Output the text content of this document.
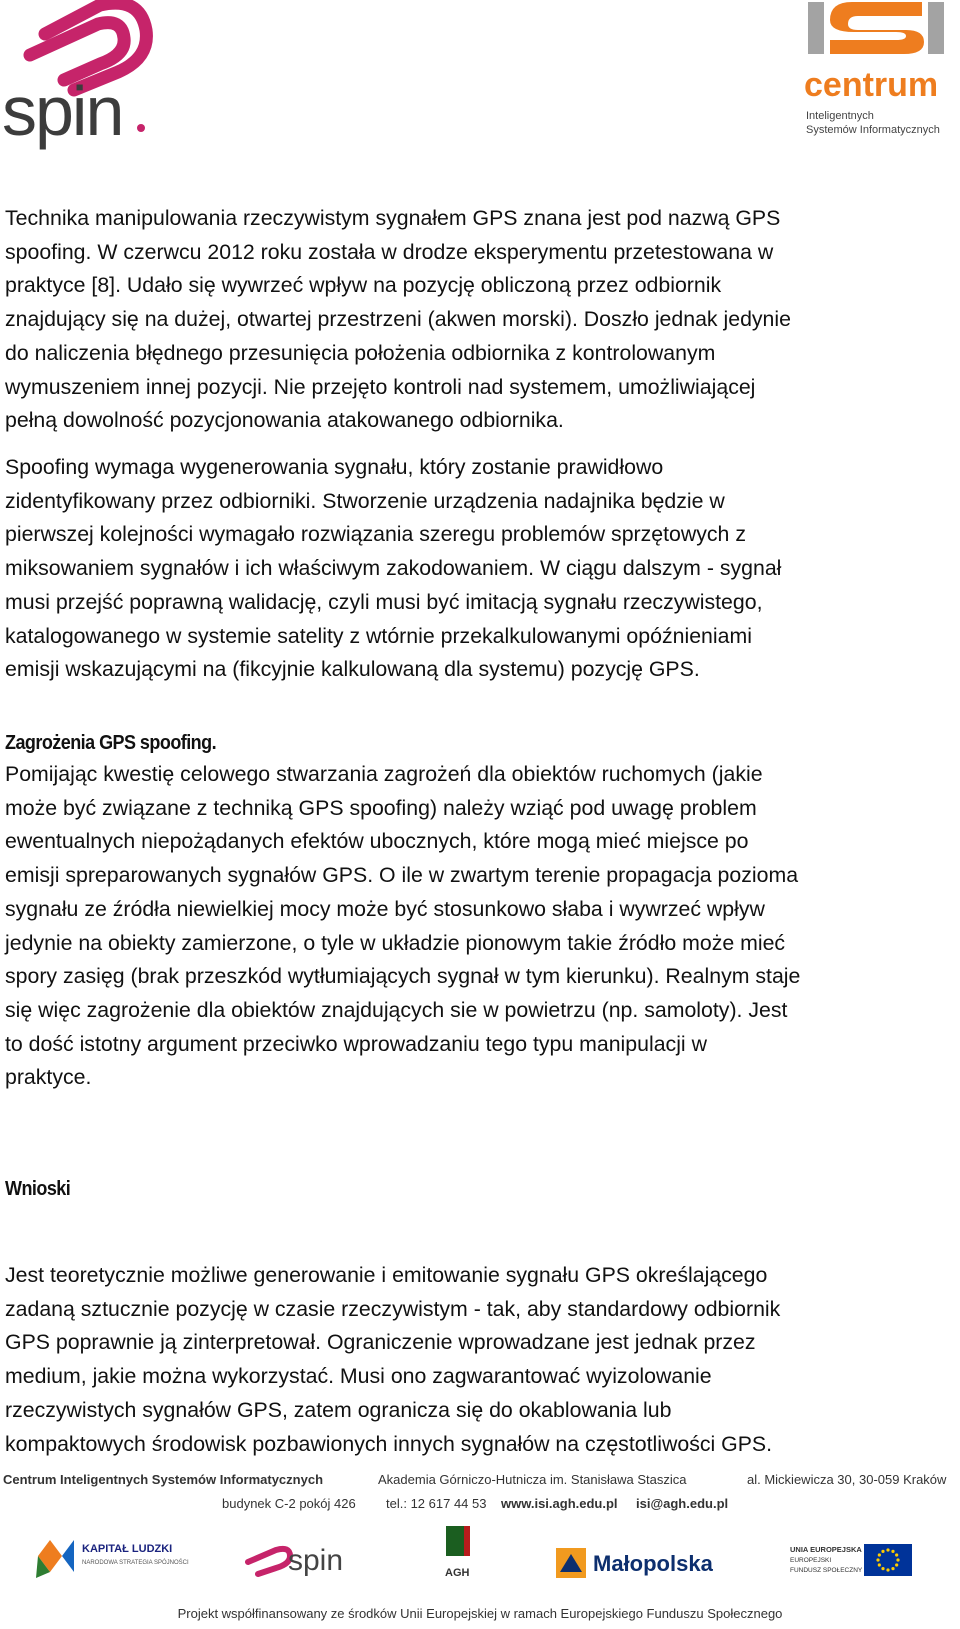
spin	centrum
Inteligentnych
Systemów Informatycznych

Technika manipulowania rzeczywistym sygnałem GPS znana jest pod nazwą GPS
spoofing. W czerwcu 2012 roku została w drodze eksperymentu przetestowana w
praktyce [8]. Udało się wywrzeć wpływ na pozycję obliczoną przez odbiornik
znajdujący się na dużej, otwartej przestrzeni (akwen morski). Doszło jednak jedynie
do naliczenia błędnego przesunięcia położenia odbiornika z kontrolowanym
wymuszeniem innej pozycji. Nie przejęto kontroli nad systemem, umożliwiającej
pełną dowolność pozycjonowania atakowanego odbiornika.

Spoofing wymaga wygenerowania sygnału, który zostanie prawidłowo
zidentyfikowany przez odbiorniki. Stworzenie urządzenia nadajnika będzie w
pierwszej kolejności wymagało rozwiązania szeregu problemów sprzętowych z
miksowaniem sygnałów i ich właściwym zakodowaniem. W ciągu dalszym - sygnał
musi przejść poprawną walidację, czyli musi być imitacją sygnału rzeczywistego,
katalogowanego w systemie satelity z wtórnie przekalkulowanymi opóźnieniami
emisji wskazującymi na (fikcyjnie kalkulowaną dla systemu) pozycję GPS.

Zagrożenia GPS spoofing.

Pomijając kwestię celowego stwarzania zagrożeń dla obiektów ruchomych (jakie
może być związane z techniką GPS spoofing) należy wziąć pod uwagę problem
ewentualnych niepożądanych efektów ubocznych, które mogą mieć miejsce po
emisji spreparowanych sygnałów GPS. O ile w zwartym terenie propagacja pozioma
sygnału ze źródła niewielkiej mocy może być stosunkowo słaba i wywrzeć wpływ
jedynie na obiekty zamierzone, o tyle w układzie pionowym takie źródło może mieć
spory zasięg (brak przeszkód wytłumiających sygnał w tym kierunku). Realnym staje
się więc zagrożenie dla obiektów znajdujących sie w powietrzu (np. samoloty). Jest
to dość istotny argument przeciwko wprowadzaniu tego typu manipulacji w
praktyce.

Wnioski

Jest teoretycznie możliwe generowanie i emitowanie sygnału GPS określającego
zadaną sztucznie pozycję w czasie rzeczywistym - tak, aby standardowy odbiornik
GPS poprawnie ją zinterpretował. Ograniczenie wprowadzane jest jednak przez
medium, jakie można wykorzystać. Musi ono zagwarantować wyizolowanie
rzeczywistych sygnałów GPS, zatem ogranicza się do okablowania lub
kompaktowych środowisk pozbawionych innych sygnałów na częstotliwości GPS.

Centrum Inteligentnych Systemów Informatycznych	Akademia Górniczo-Hutnicza im. Stanisława Staszica	al. Mickiewicza 30, 30-059 Kraków
budynek C-2 pokój 426 tel.: 12 617 44 53 www.isi.agh.edu.pl isi@agh.edu.pl
KAPITAŁ LUDZKI
NARODOWA STRATEGIA SPÓJNOŚCI	spin	AGH	Małopolska
UNIA EUROPEJSKA
EUROPEJSKI
FUNDUSZ SPOŁECZNY
Projekt współfinansowany ze środków Unii Europejskiej w ramach Europejskiego Funduszu Społecznego
